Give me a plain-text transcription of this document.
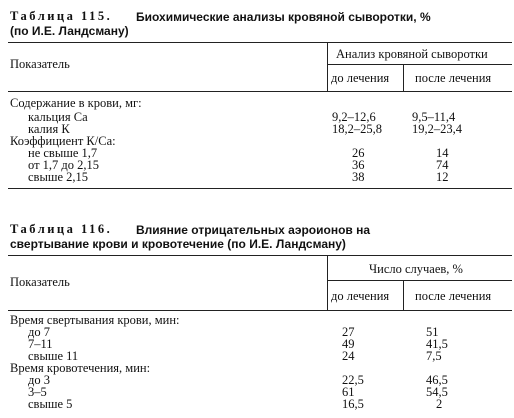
Таблица 115. Биохимические анализы кровяной сыворотки, %
(по И.Е. Ландсману)
Показатель
Анализ кровяной сыворотки
до лечения после лечения
Содержание в крови, мг:
кальция Са	9,2–12,6	9,5–11,4
калия К	18,2–25,8 19,2–23,4
Коэффициент К/Са:
не свыше 1,7	26	14
от 1,7 до 2,15	36	74
свыше 2,15	38	12
Таблица 116. Влияние отрицательных аэроионов на
свертывание крови и кровотечение (по И.Е. Ландсману)
Показатель
Число случаев, %
до лечения после лечения
Время свертывания крови, мин:
до 7	27	51
7–11	49	41,5
свыше 11	24	7,5
Время кровотечения, мин:
до 3	22,5	46,5
3–5	61	54,5
свыше 5	16,5	2
